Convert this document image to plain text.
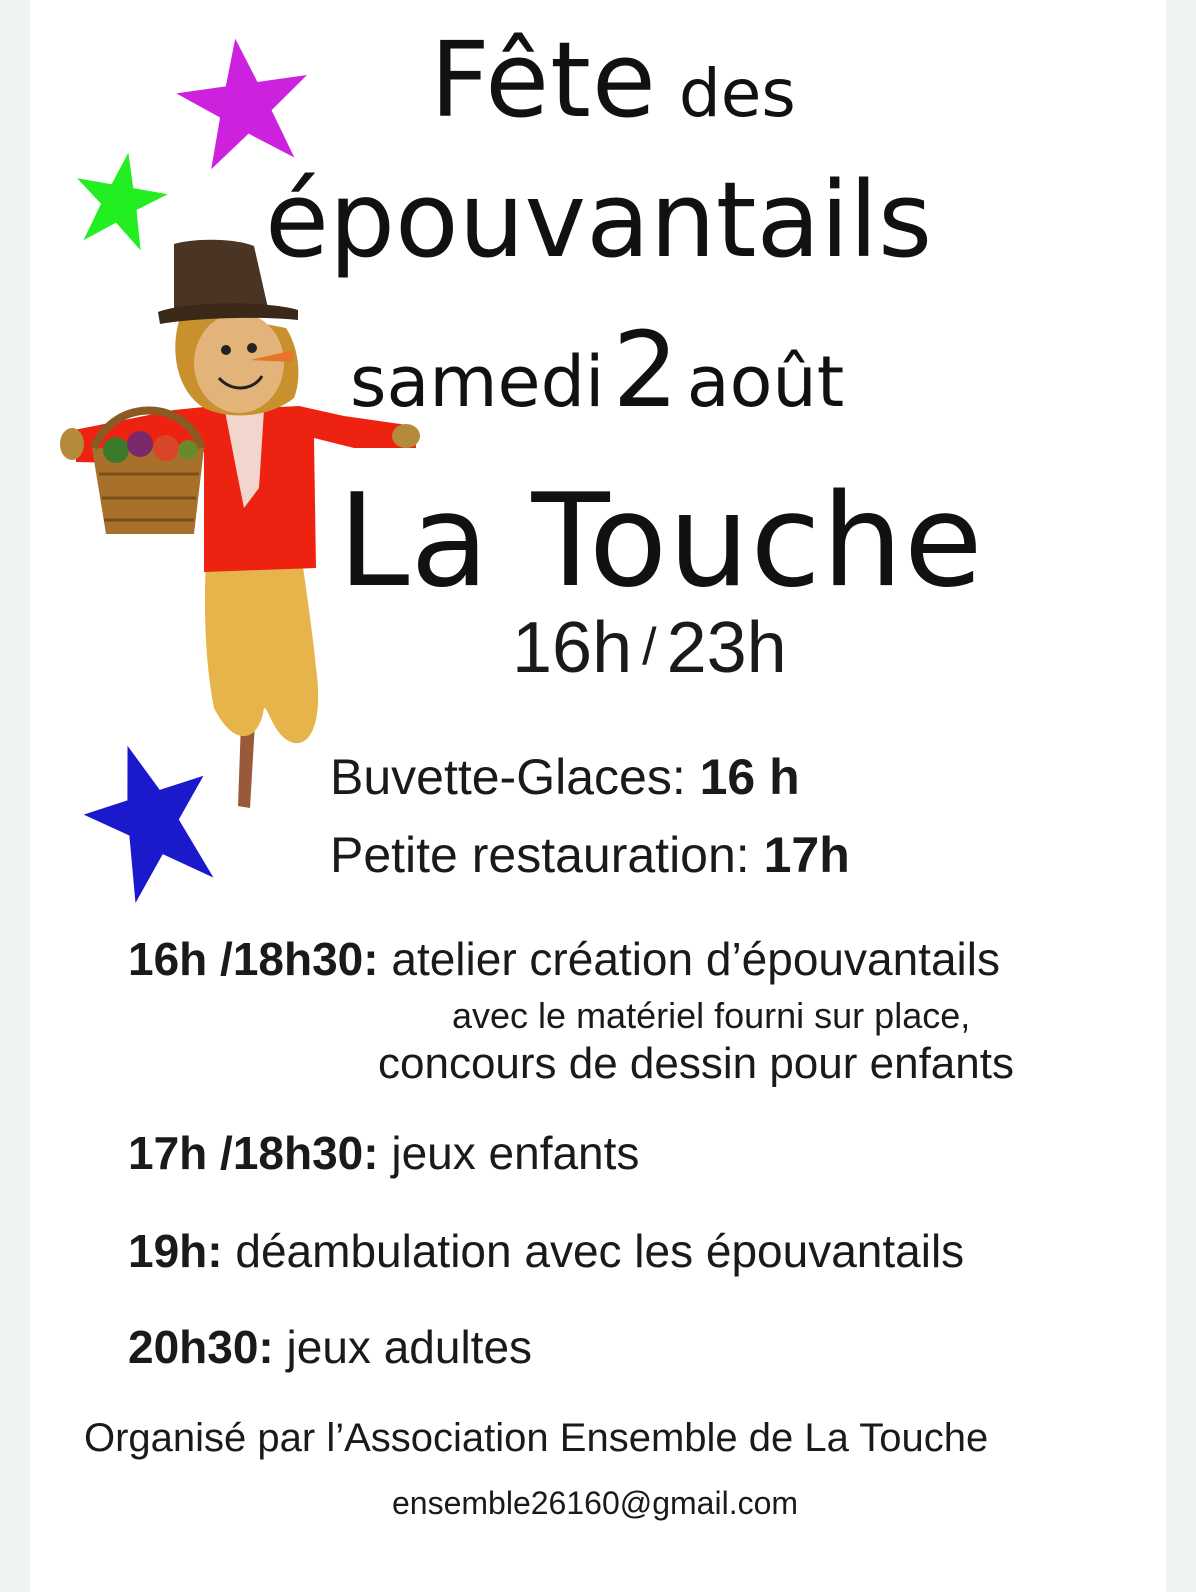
Fête des

épouvantails

samedi2 août

La Touche

16h / 23h

Buvette-Glaces: 16 h

Petite restauration: 17h

16h /18h30: atelier création d’épouvantails

avec le matériel fourni sur place,

concours de dessin pour enfants

17h /18h30: jeux enfants

19h: déambulation avec les épouvantails

20h30: jeux adultes

Organisé par l’Association Ensemble de La Touche

ensemble26160@gmail.com
